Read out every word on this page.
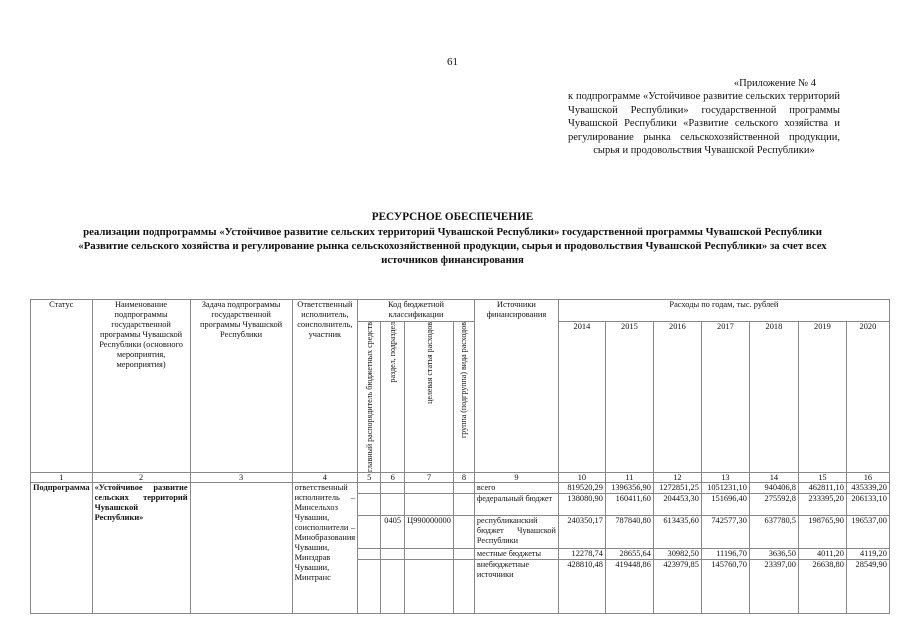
61
«Приложение № 4
к подпрограмме «Устойчивое развитие сельских территорий Чувашской Республики» государственной программы Чувашской Республики «Развитие сельского хозяйства и регулирование рынка сельскохозяйственной продукции, сырья и продовольствия Чувашской Республики»
РЕСУРСНОЕ ОБЕСПЕЧЕНИЕ
реализации подпрограммы «Устойчивое развитие сельских территорий Чувашской Республики» государственной программы Чувашской Республики «Развитие сельского хозяйства и регулирование рынка сельскохозяйственной продукции, сырья и продовольствия Чувашской Республики» за счет всех источников финансирования
Статус	Наименование подпрограммы государственной программы Чувашской Республики (основного мероприятия, мероприятия)	Задача подпрограммы государственной программы Чувашской Республики	Ответственный исполнитель, соисполнитель, участник	Код бюджетной классификации				Источники финансирования	Расходы по годам, тыс. рублей						

				главный распорядитель бюджетных средств	раздел, подраздел	целевая статья расходов	группа (подгруппа) вида расходов		2014	2015	2016	2017	2018	2019	2020
1	2	3	4	5	6	7	8	9	10	11	12	13	14	15	16
Подпрограмма	«Устойчивое развитие сельских территорий Чувашской Республики»		ответственный исполнитель – Минсельхоз Чувашии, соисполнители – Минобразования Чувашии, Минздрав Чувашии, Минтранс					всего	819520,29	1396356,90	1272851,25	1051231,10	940406,8	462811,10	435339,20
								федеральный бюджет	138080,90	160411,60	204453,30	151696,40	275592,8	233395,20	206133,10
					0405	Ц990000000		республиканский бюджет Чувашской Республики	240350,17	787840,80	613435,60	742577,30	637780,5	198765,90	196537,00
								местные бюджеты	12278,74	28655,64	30982,50	11196,70	3636,50	4011,20	4119,20
								внебюджетные источники	428810,48	419448,86	423979,85	145760,70	23397,00	26638,80	28549,90
